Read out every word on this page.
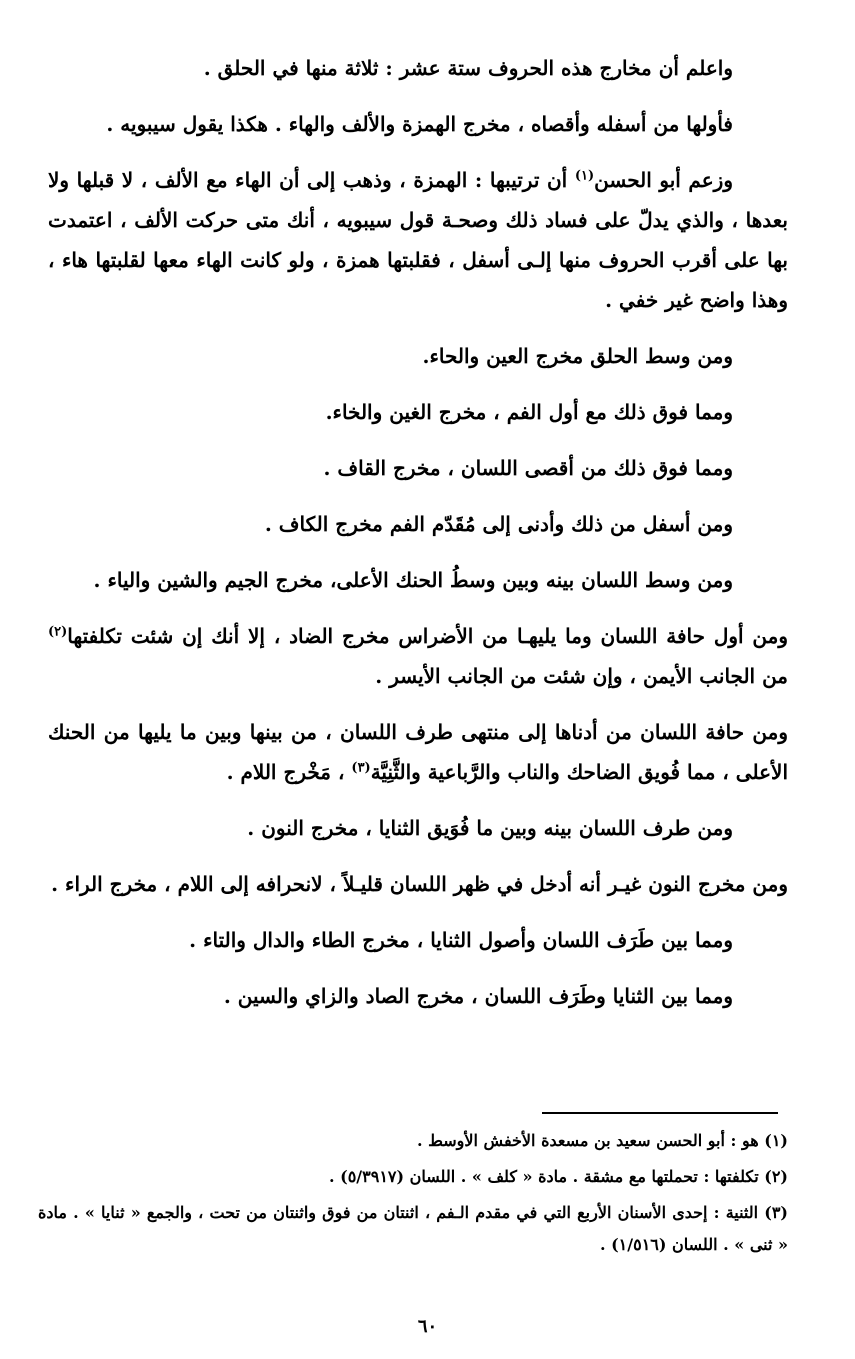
واعلم أن مخارج هذه الحروف ستة عشر : ثلاثة منها في الحلق .

فأولها من أسفله وأقصاه ، مخرج الهمزة والألف والهاء . هكذا يقول سيبويه .

وزعم أبو الحسن$^{(١)}$ أن ترتيبها : الهمزة ، وذهب إلى أن الهاء مع الألف ، لا قبلها ولا بعدها ، والذي يدلّ على فساد ذلك وصحـة قول سيبويه ، أنك متى حركت الألف ، اعتمدت بها على أقرب الحروف منها إلـى أسفل ، فقلبتها همزة ، ولو كانت الهاء معها لقلبتها هاء ، وهذا واضح غير خفي .

ومن وسط الحلق مخرج العين والحاء.

ومما فوق ذلك مع أول الفم ، مخرج الغين والخاء.

ومما فوق ذلك من أقصى اللسان ، مخرج القاف .

ومن أسفل من ذلك وأدنى إلى مُقَدّم الفم مخرج الكاف .

ومن وسط اللسان بينه وبين وسطُ الحنك الأعلى، مخرج الجيم والشين والياء .

ومن أول حافة اللسان وما يليهـا من الأضراس مخرج الضاد ، إلا أنك إن شئت تكلفتها$^{(٢)}$ من الجانب الأيمن ، وإن شئت من الجانب الأيسر .

ومن حافة اللسان من أدناها إلى منتهى طرف اللسان ، من بينها وبين ما يليها من الحنك الأعلى ، مما فُويق الضاحك والناب والرَّباعية والثَّنِيَّة$^{(٣)}$ ، مَخْرج اللام .

ومن طرف اللسان بينه وبين ما فُوَيق الثنايا ، مخرج النون .

ومن مخرج النون غيـر أنه أدخل في ظهر اللسان قليـلاً ، لانحرافه إلى اللام ، مخرج الراء .

ومما بين طَرَف اللسان وأصول الثنايا ، مخرج الطاء والدال والتاء .

ومما بين الثنايا وطَرَف اللسان ، مخرج الصاد والزاي والسين .

(١) هو : أبو الحسن سعيد بن مسعدة الأخفش الأوسط .

(٢) تكلفتها : تحملتها مع مشقة . مادة « كلف » . اللسان (٥/٣٩١٧) .

(٣) الثنية : إحدى الأسنان الأربع التي في مقدم الـفم ، اثنتان من فوق واثنتان من تحت ، والجمع « ثنايا » . مادة « ثنى » . اللسان (١/٥١٦) .

٦٠
